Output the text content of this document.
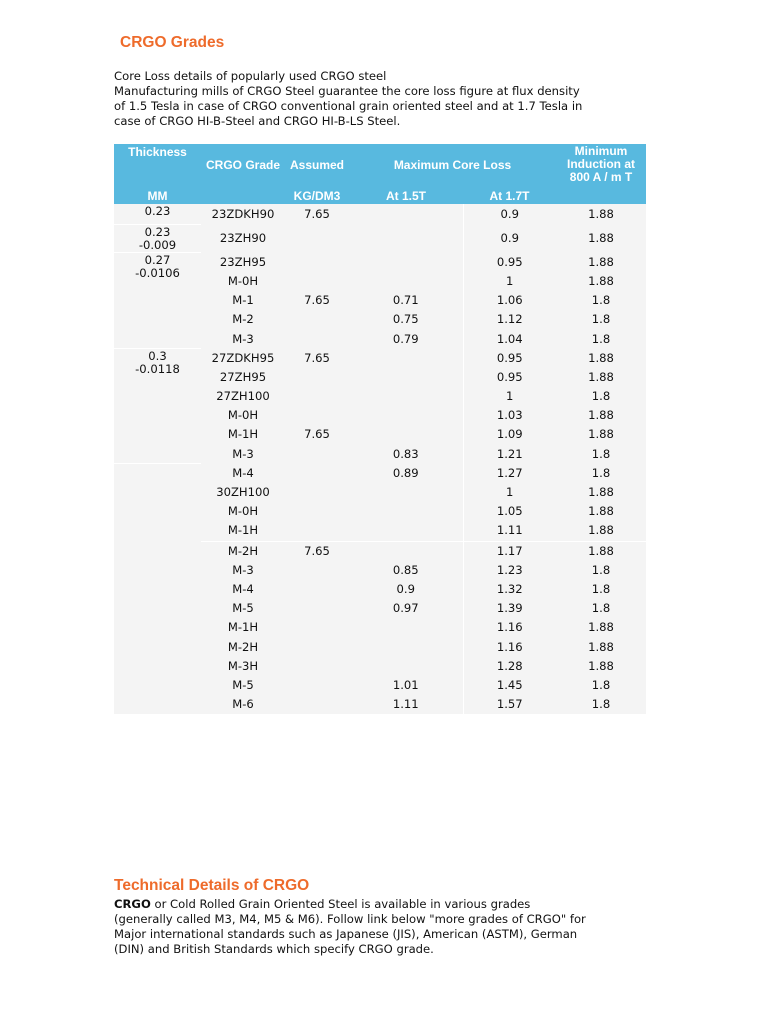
CRGO Grades
Core Loss details of popularly used CRGO steel
Manufacturing mills of CRGO Steel guarantee the core loss figure at flux density
of 1.5 Tesla in case of CRGO conventional grain oriented steel and at 1.7 Tesla in
case of CRGO HI-B-Steel and CRGO HI-B-LS Steel.
Thickness	CRGO Grade	Assumed	Maximum Core Loss		Minimum Induction at 800 A / m T
MM		KG/DM3	At 1.5T	At 1.7T	
0.23	23ZDKH90	7.65		0.9	1.88
0.23
-0.009	23ZH90			0.9	1.88
0.27
-0.0106	23ZH95			0.95	1.88
	M-0H			1	1.88
	M-1	7.65	0.71	1.06	1.8
	M-2		0.75	1.12	1.8
	M-3		0.79	1.04	1.8
0.3
-0.0118	27ZDKH95	7.65		0.95	1.88
	27ZH95			0.95	1.88
	27ZH100			1	1.8
	M-0H			1.03	1.88
	M-1H	7.65		1.09	1.88
	M-3		0.83	1.21	1.8
	M-4		0.89	1.27	1.8
	30ZH100			1	1.88
	M-0H			1.05	1.88
	M-1H			1.11	1.88
	M-2H	7.65		1.17	1.88
	M-3		0.85	1.23	1.8
	M-4		0.9	1.32	1.8
	M-5		0.97	1.39	1.8
	M-1H			1.16	1.88
	M-2H			1.16	1.88
	M-3H			1.28	1.88
	M-5		1.01	1.45	1.8
	M-6		1.11	1.57	1.8
Technical Details of CRGO
CRGO or Cold Rolled Grain Oriented Steel is available in various grades
(generally called M3, M4, M5 & M6). Follow link below "more grades of CRGO" for
Major international standards such as Japanese (JIS), American (ASTM), German
(DIN) and British Standards which specify CRGO grade.
